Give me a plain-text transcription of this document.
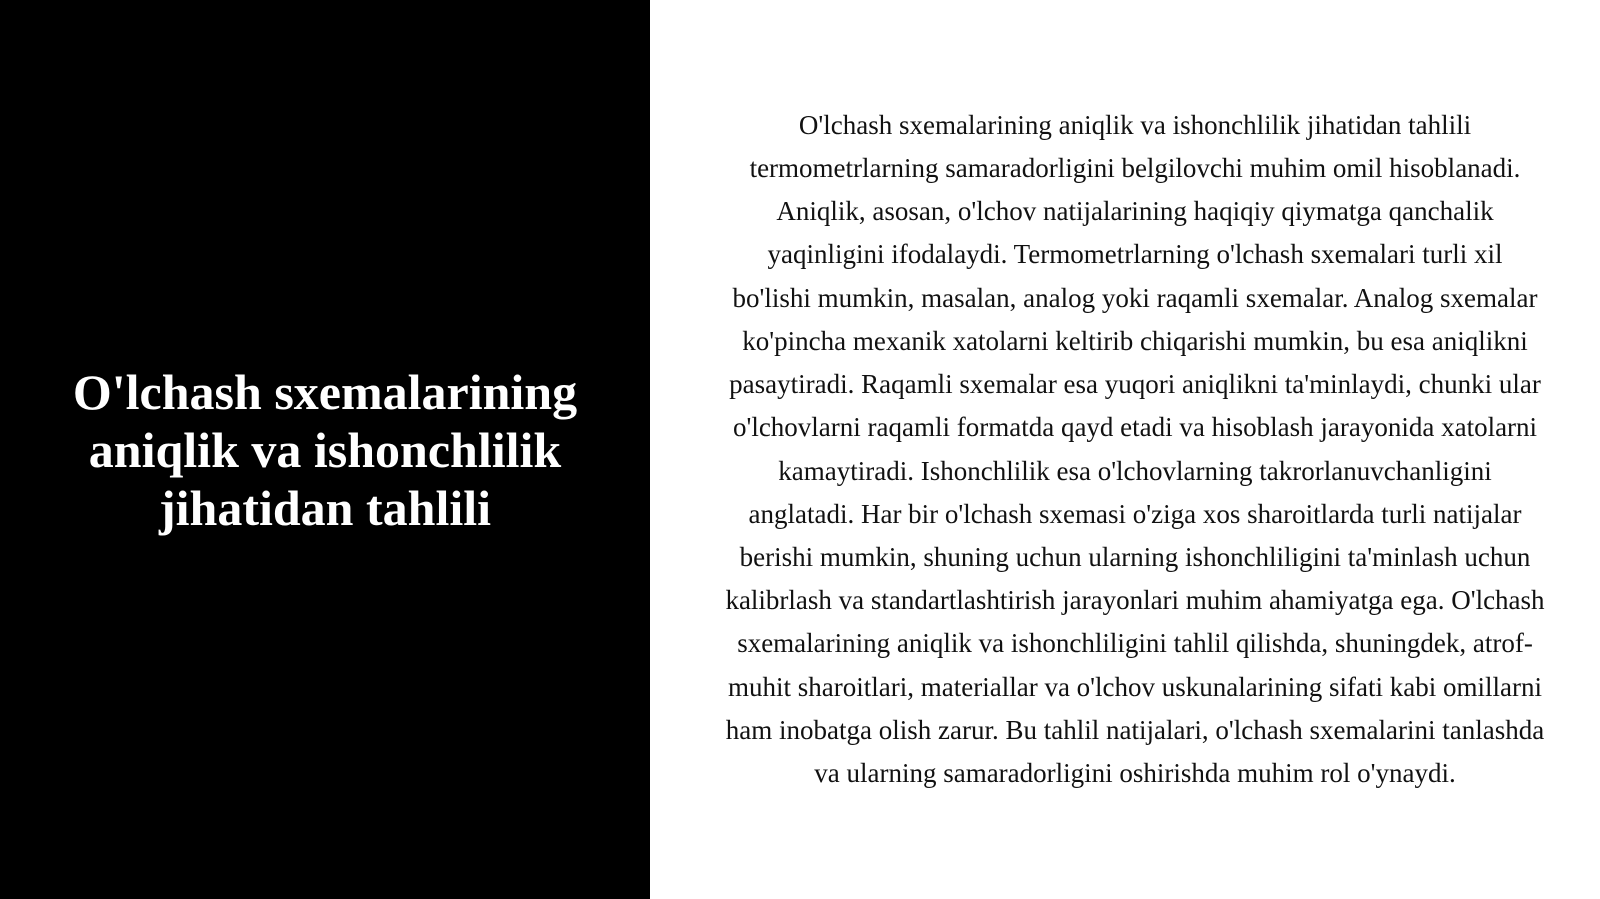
O'lchash sxemalarining aniqlik va ishonchlilik jihatidan tahlili

O'lchash sxemalarining aniqlik va ishonchlilik jihatidan tahlili termometrlarning samaradorligini belgilovchi muhim omil hisoblanadi. Aniqlik, asosan, o'lchov natijalarining haqiqiy qiymatga qanchalik yaqinligini ifodalaydi. Termometrlarning o'lchash sxemalari turli xil bo'lishi mumkin, masalan, analog yoki raqamli sxemalar. Analog sxemalar ko'pincha mexanik xatolarni keltirib chiqarishi mumkin, bu esa aniqlikni pasaytiradi. Raqamli sxemalar esa yuqori aniqlikni ta'minlaydi, chunki ular o'lchovlarni raqamli formatda qayd etadi va hisoblash jarayonida xatolarni kamaytiradi. Ishonchlilik esa o'lchovlarning takrorlanuvchanligini anglatadi. Har bir o'lchash sxemasi o'ziga xos sharoitlarda turli natijalar berishi mumkin, shuning uchun ularning ishonchliligini ta'minlash uchun kalibrlash va standartlashtirish jarayonlari muhim ahamiyatga ega. O'lchash sxemalarining aniqlik va ishonchliligini tahlil qilishda, shuningdek, atrof-muhit sharoitlari, materiallar va o'lchov uskunalarining sifati kabi omillarni ham inobatga olish zarur. Bu tahlil natijalari, o'lchash sxemalarini tanlashda va ularning samaradorligini oshirishda muhim rol o'ynaydi.
